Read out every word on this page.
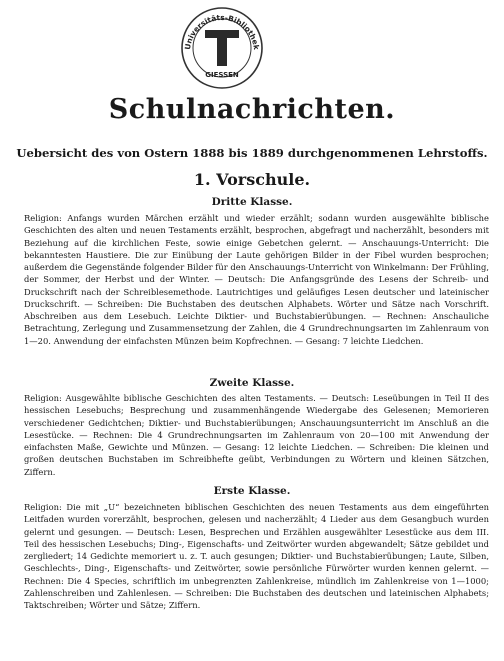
Universitäts-Bibliothek
GIESSEN
Schulnachrichten.
Uebersicht des von Ostern 1888 bis 1889 durchgenommenen Lehrstoffs.
1. Vorschule.
Dritte Klasse.
Religion: Anfangs wurden Märchen erzählt und wieder erzählt; sodann wurden ausgewählte biblische Geschichten des alten und neuen Testaments erzählt, besprochen, abgefragt und nacherzählt, besonders mit Beziehung auf die kirchlichen Feste, sowie einige Gebetchen gelernt. — Anschauungs-Unterricht: Die bekanntesten Haustiere. Die zur Einübung der Laute gehörigen Bilder in der Fibel wurden besprochen; außerdem die Gegenstände folgender Bilder für den Anschauungs-Unterricht von Winkelmann: Der Frühling, der Sommer, der Herbst und der Winter. — Deutsch: Die Anfangsgründe des Lesens der Schreib- und Druckschrift nach der Schreiblesemethode. Lautrichtiges und geläufiges Lesen deutscher und lateinischer Druckschrift. — Schreiben: Die Buchstaben des deutschen Alphabets. Wörter und Sätze nach Vorschrift. Abschreiben aus dem Lesebuch. Leichte Diktier- und Buchstabierübungen. — Rechnen: Anschauliche Betrachtung, Zerlegung und Zusammensetzung der Zahlen, die 4 Grundrechnungsarten im Zahlenraum von 1—20. Anwendung der einfachsten Münzen beim Kopfrechnen. — Gesang: 7 leichte Liedchen.
Zweite Klasse.
Religion: Ausgewählte biblische Geschichten des alten Testaments. — Deutsch: Leseübungen in Teil II des hessischen Lesebuchs; Besprechung und zusammenhängende Wiedergabe des Gelesenen; Memorieren verschiedener Gedichtchen; Diktier- und Buchstabierübungen; Anschauungsunterricht im Anschluß an die Lesestücke. — Rechnen: Die 4 Grundrechnungsarten im Zahlenraum von 20—100 mit Anwendung der einfachsten Maße, Gewichte und Münzen. — Gesang: 12 leichte Liedchen. — Schreiben: Die kleinen und großen deutschen Buchstaben im Schreibhefte geübt, Verbindungen zu Wörtern und kleinen Sätzchen, Ziffern.
Erste Klasse.
Religion: Die mit „U“ bezeichneten biblischen Geschichten des neuen Testaments aus dem eingeführten Leitfaden wurden vorerzählt, besprochen, gelesen und nacherzählt; 4 Lieder aus dem Gesangbuch wurden gelernt und gesungen. — Deutsch: Lesen, Besprechen und Erzählen ausgewählter Lesestücke aus dem III. Teil des hessischen Lesebuchs; Ding-, Eigenschafts- und Zeitwörter wurden abgewandelt; Sätze gebildet und zergliedert; 14 Gedichte memoriert u. z. T. auch gesungen; Diktier- und Buchstabierübungen; Laute, Silben, Geschlechts-, Ding-, Eigenschafts- und Zeitwörter, sowie persönliche Fürwörter wurden kennen gelernt. — Rechnen: Die 4 Species, schriftlich im unbegrenzten Zahlenkreise, mündlich im Zahlenkreise von 1—1000; Zahlenschreiben und Zahlenlesen. — Schreiben: Die Buchstaben des deutschen und lateinischen Alphabets; Taktschreiben; Wörter und Sätze; Ziffern.
